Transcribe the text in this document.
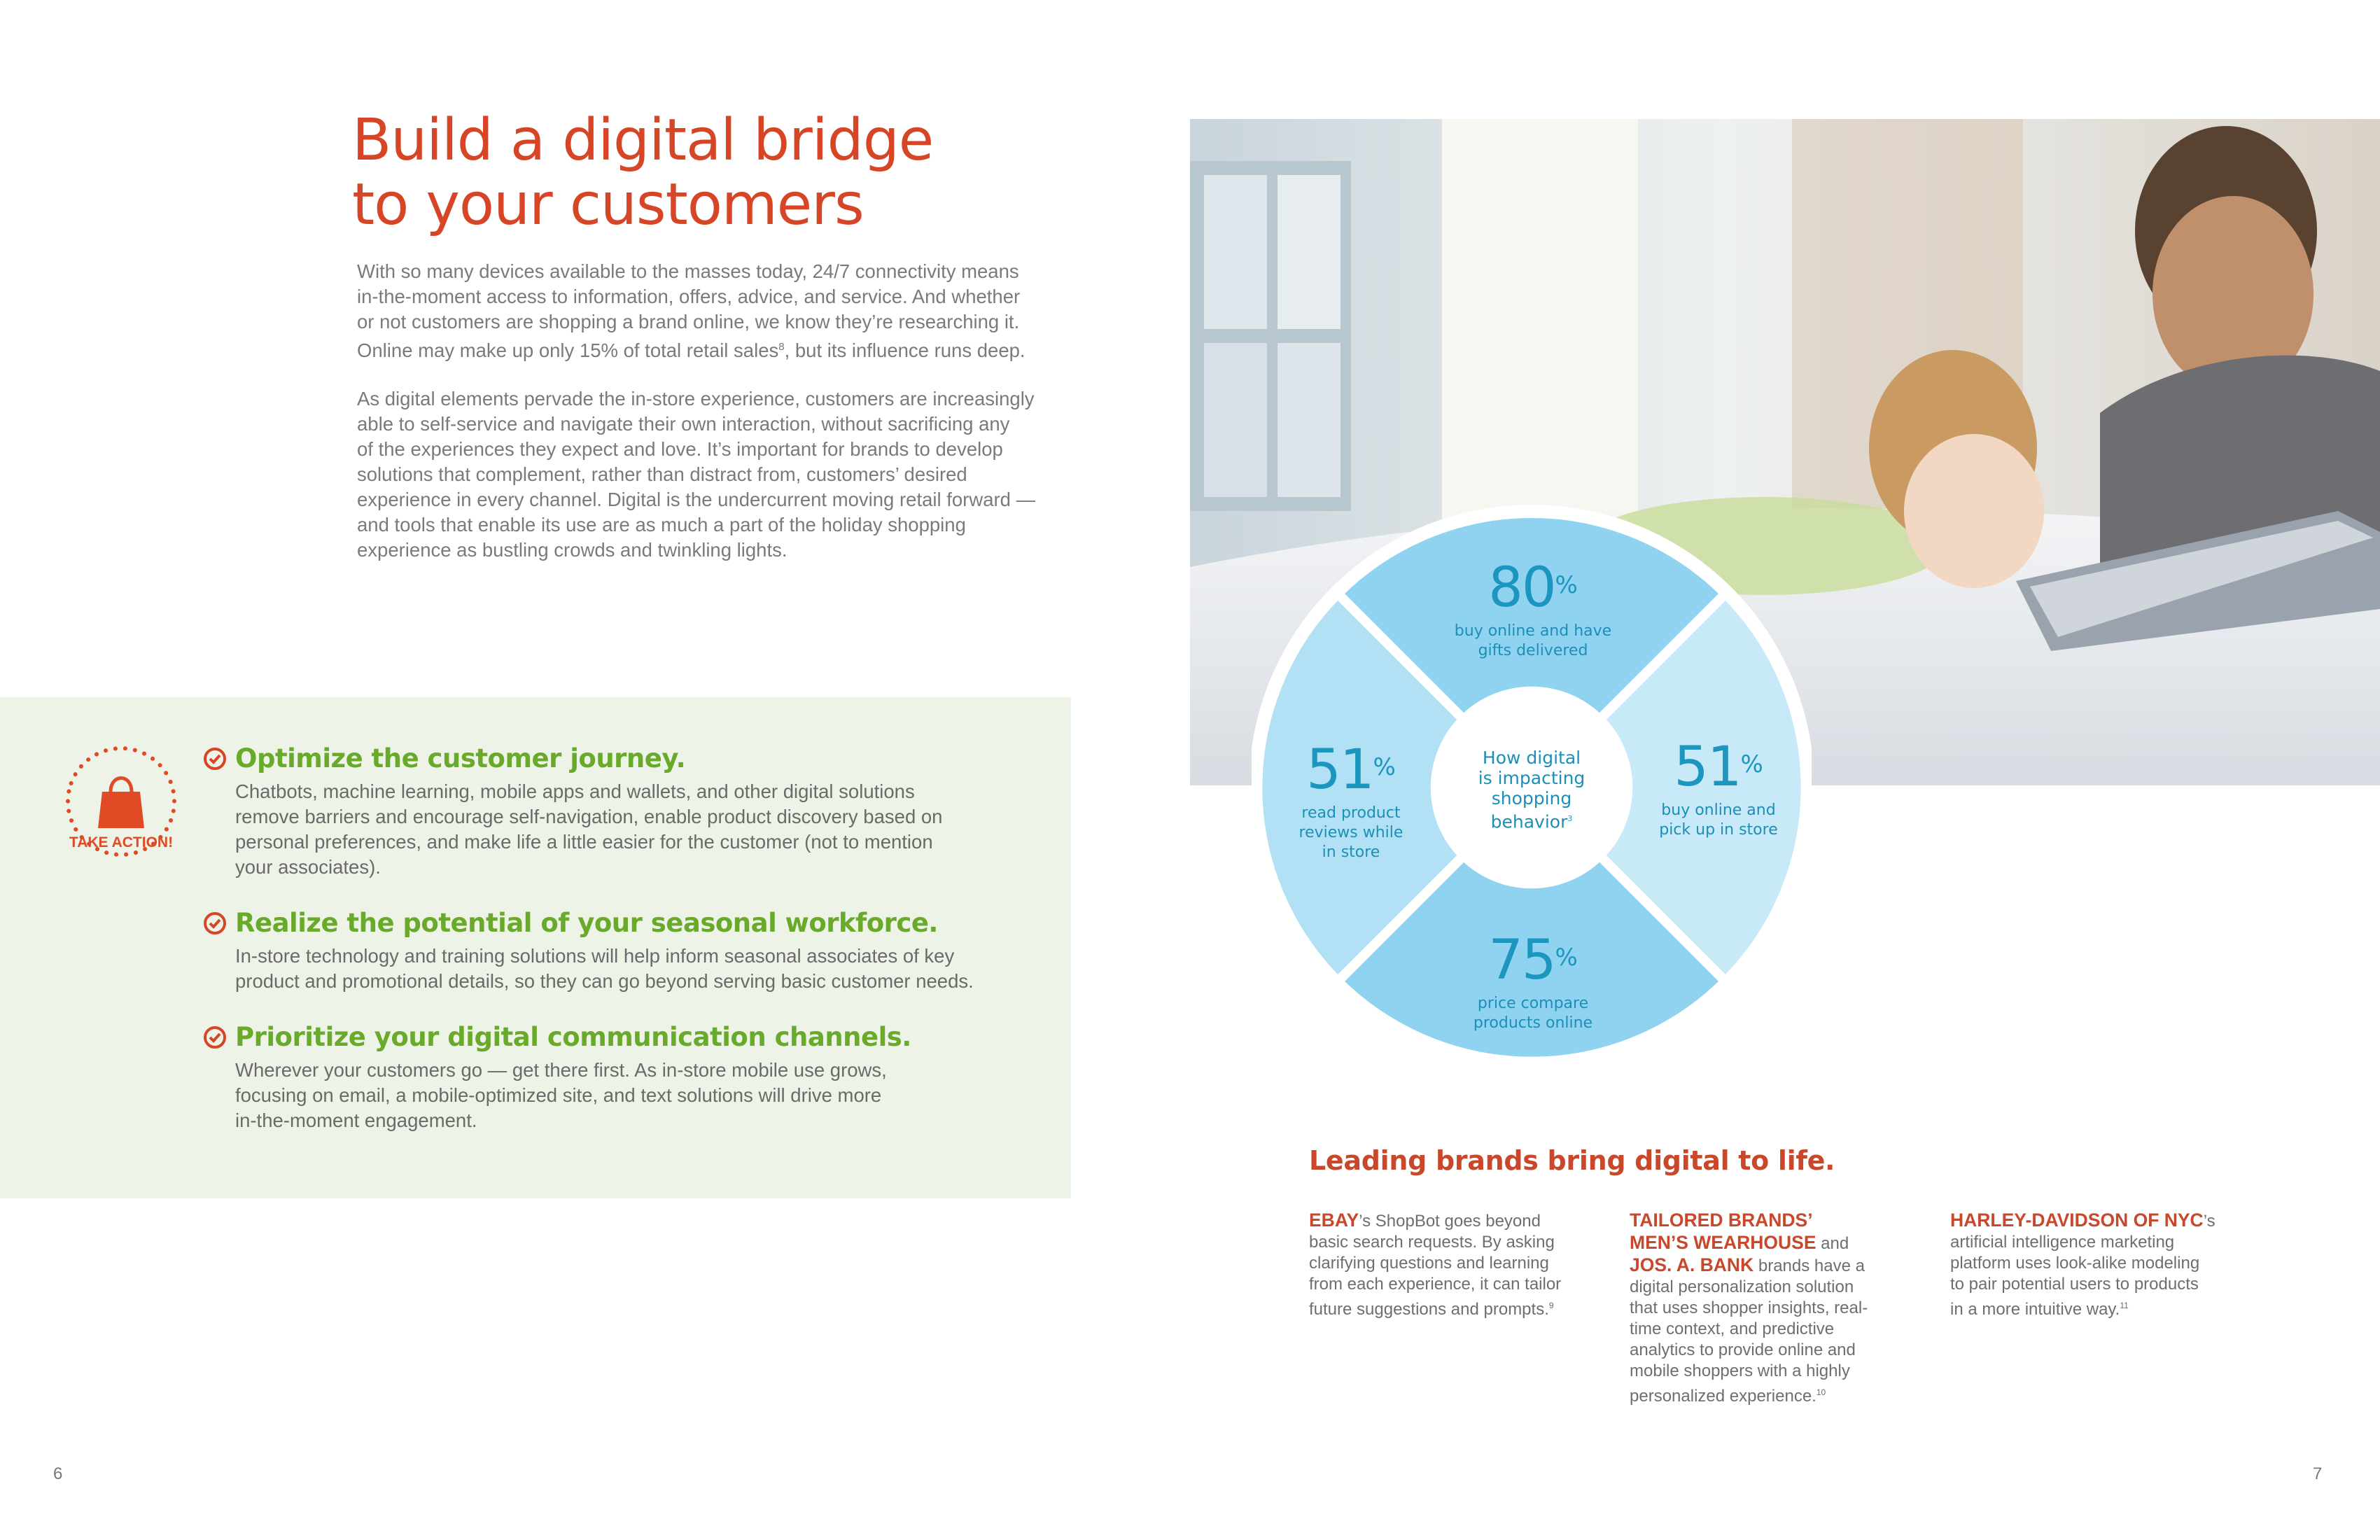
Build a digital bridge
to your customers

With so many devices available to the masses today, 24/7 connectivity means
in-the-moment access to information, offers, advice, and service. And whether
or not customers are shopping a brand online, we know they’re researching it.
Online may make up only 15% of total retail sales$^8$, but its influence runs deep.

As digital elements pervade the in-store experience, customers are increasingly
able to self-service and navigate their own interaction, without sacrificing any
of the experiences they expect and love. It’s important for brands to develop
solutions that complement, rather than distract from, customers’ desired
experience in every channel. Digital is the undercurrent moving retail forward —
and tools that enable its use are as much a part of the holiday shopping
experience as bustling crowds and twinkling lights.

TAKE ACTION!
Optimize the customer journey.
Chatbots, machine learning, mobile apps and wallets, and other digital solutions
remove barriers and encourage self-navigation, enable product discovery based on
personal preferences, and make life a little easier for the customer (not to mention
your associates).
Realize the potential of your seasonal workforce.
In-store technology and training solutions will help inform seasonal associates of key
product and promotional details, so they can go beyond serving basic customer needs.
Prioritize your digital communication channels.
Wherever your customers go — get there first. As in-store mobile use grows,
focusing on email, a mobile-optimized site, and text solutions will drive more
in-the-moment engagement.
How digital
is impacting
shopping
behavior$^3$
80%
buy online and have
gifts delivered
51%
read product
reviews while
in store
51%
buy online and
pick up in store
75%
price compare
products online
Leading brands bring digital to life.
EBAY’s ShopBot goes beyond
basic search requests. By asking
clarifying questions and learning
from each experience, it can tailor
future suggestions and prompts.$^9$
TAILORED BRANDS’
MEN’S WEARHOUSE and
JOS. A. BANK brands have a
digital personalization solution
that uses shopper insights, real-
time context, and predictive
analytics to provide online and
mobile shoppers with a highly
personalized experience.$^{10}$
HARLEY-DAVIDSON OF NYC’s
artificial intelligence marketing
platform uses look-alike modeling
to pair potential users to products
in a more intuitive way.$^{11}$
6	7
